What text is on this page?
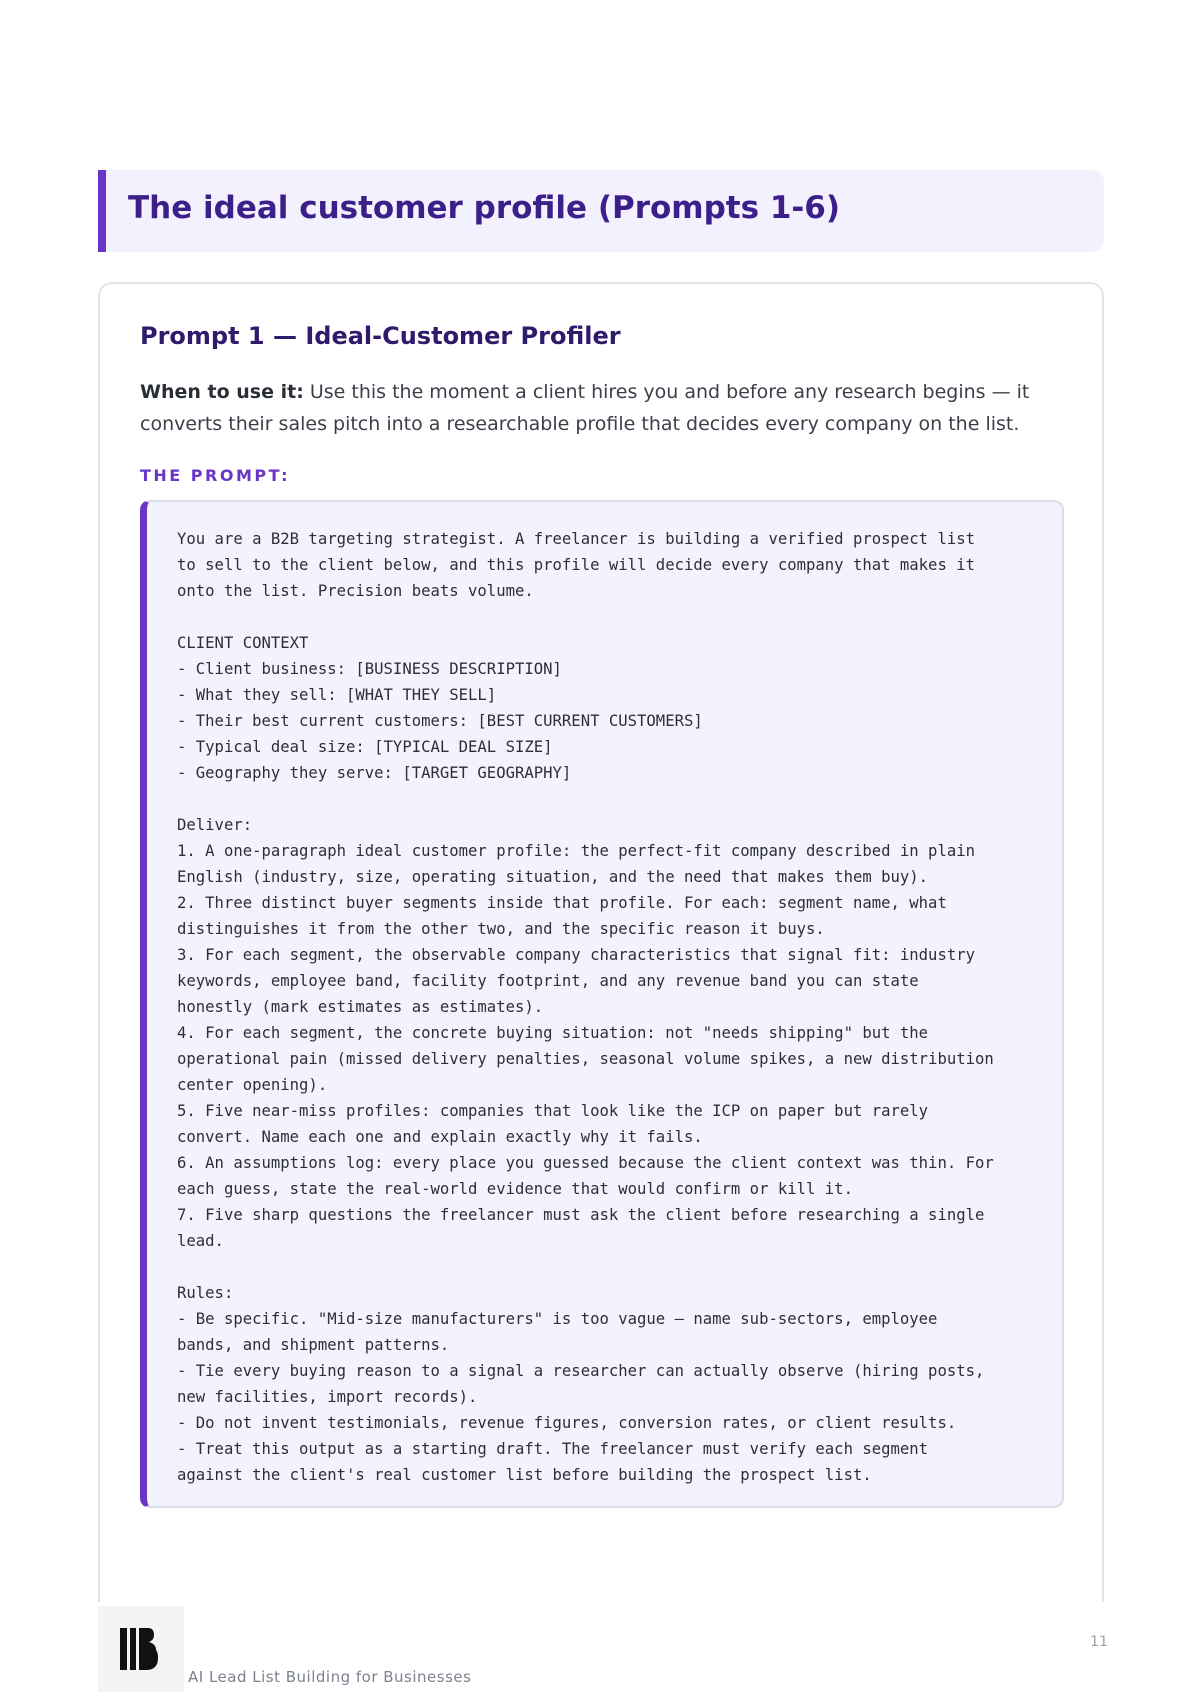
The ideal customer profile (Prompts 1-6)
Prompt 1 — Ideal-Customer Profiler

When to use it: Use this the moment a client hires you and before any research begins — it converts their sales pitch into a researchable profile that decides every company on the list.

THE PROMPT:
You are a B2B targeting strategist. A freelancer is building a verified prospect list
to sell to the client below, and this profile will decide every company that makes it
onto the list. Precision beats volume.

CLIENT CONTEXT
- Client business: [BUSINESS DESCRIPTION]
- What they sell: [WHAT THEY SELL]
- Their best current customers: [BEST CURRENT CUSTOMERS]
- Typical deal size: [TYPICAL DEAL SIZE]
- Geography they serve: [TARGET GEOGRAPHY]

Deliver:
1. A one-paragraph ideal customer profile: the perfect-fit company described in plain
English (industry, size, operating situation, and the need that makes them buy).
2. Three distinct buyer segments inside that profile. For each: segment name, what
distinguishes it from the other two, and the specific reason it buys.
3. For each segment, the observable company characteristics that signal fit: industry
keywords, employee band, facility footprint, and any revenue band you can state
honestly (mark estimates as estimates).
4. For each segment, the concrete buying situation: not "needs shipping" but the
operational pain (missed delivery penalties, seasonal volume spikes, a new distribution
center opening).
5. Five near-miss profiles: companies that look like the ICP on paper but rarely
convert. Name each one and explain exactly why it fails.
6. An assumptions log: every place you guessed because the client context was thin. For
each guess, state the real-world evidence that would confirm or kill it.
7. Five sharp questions the freelancer must ask the client before researching a single
lead.

Rules:
- Be specific. "Mid-size manufacturers" is too vague — name sub-sectors, employee
bands, and shipment patterns.
- Tie every buying reason to a signal a researcher can actually observe (hiring posts,
new facilities, import records).
- Do not invent testimonials, revenue figures, conversion rates, or client results.
- Treat this output as a starting draft. The freelancer must verify each segment
against the client's real customer list before building the prospect list.
AI Lead List Building for Businesses
11
